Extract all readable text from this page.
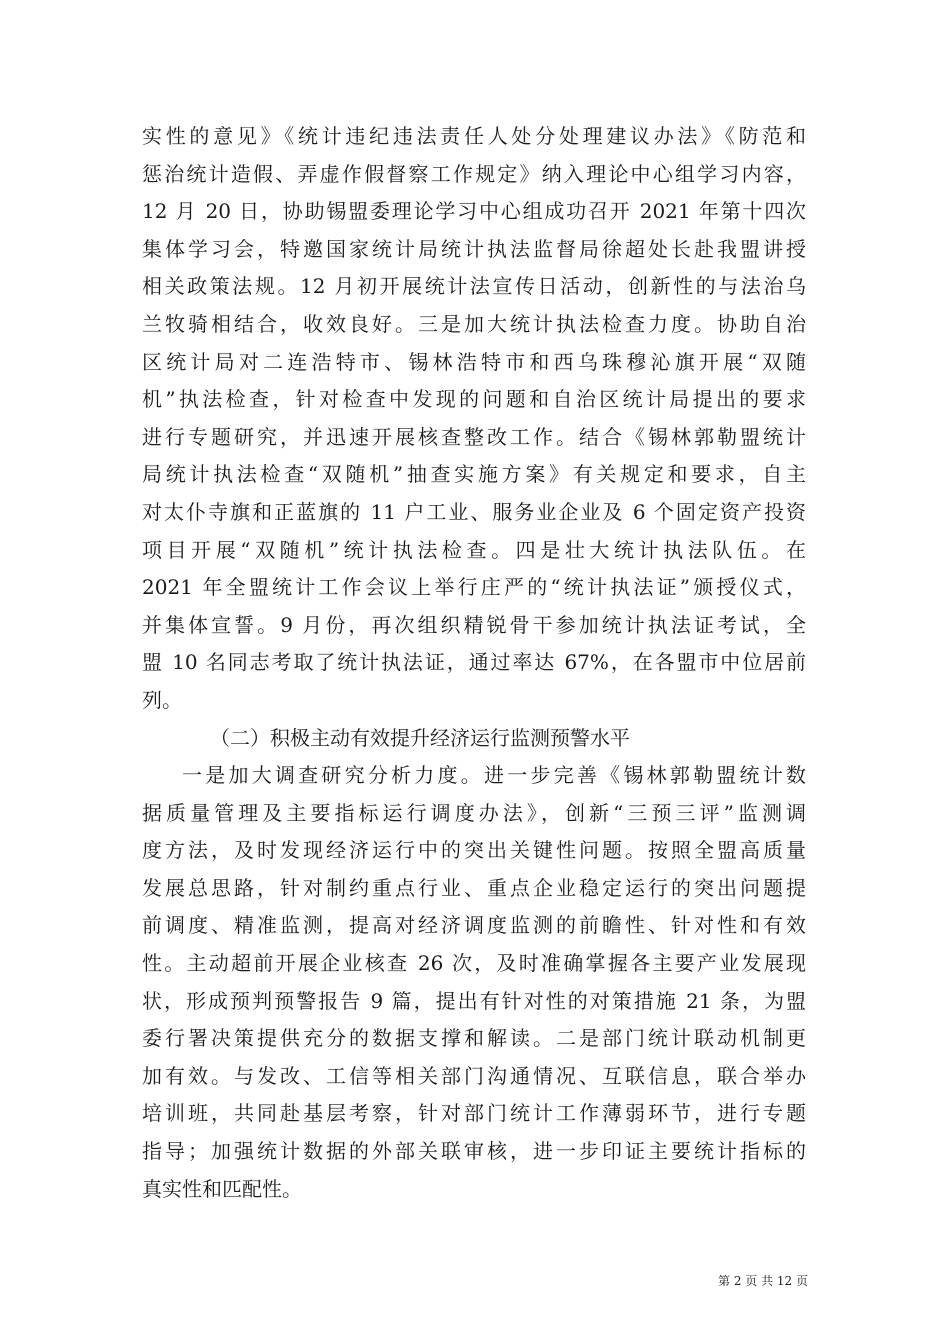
实性的意见》《统计违纪违法责任人处分处理建议办法》《防范和
惩治统计造假、弄虚作假督察工作规定》纳入理论中心组学习内容，
12 月 20 日，协助锡盟委理论学习中心组成功召开 2021 年第十四次
集体学习会，特邀国家统计局统计执法监督局徐超处长赴我盟讲授
相关政策法规。12 月初开展统计法宣传日活动，创新性的与法治乌
兰牧骑相结合，收效良好。三是加大统计执法检查力度。协助自治
区统计局对二连浩特市、锡林浩特市和西乌珠穆沁旗开展“双随
机”执法检查，针对检查中发现的问题和自治区统计局提出的要求
进行专题研究，并迅速开展核查整改工作。结合《锡林郭勒盟统计
局统计执法检查“双随机”抽查实施方案》有关规定和要求，自主
对太仆寺旗和正蓝旗的 11 户工业、服务业企业及 6 个固定资产投资
项目开展“双随机”统计执法检查。四是壮大统计执法队伍。在
2021 年全盟统计工作会议上举行庄严的“统计执法证”颁授仪式，
并集体宣誓。9 月份，再次组织精锐骨干参加统计执法证考试，全
盟 10 名同志考取了统计执法证，通过率达 67%，在各盟市中位居前
列。
（二）积极主动有效提升经济运行监测预警水平
一是加大调查研究分析力度。进一步完善《锡林郭勒盟统计数
据质量管理及主要指标运行调度办法》，创新“三预三评”监测调
度方法，及时发现经济运行中的突出关键性问题。按照全盟高质量
发展总思路，针对制约重点行业、重点企业稳定运行的突出问题提
前调度、精准监测，提高对经济调度监测的前瞻性、针对性和有效
性。主动超前开展企业核查 26 次，及时准确掌握各主要产业发展现
状，形成预判预警报告 9 篇，提出有针对性的对策措施 21 条，为盟
委行署决策提供充分的数据支撑和解读。二是部门统计联动机制更
加有效。与发改、工信等相关部门沟通情况、互联信息，联合举办
培训班，共同赴基层考察，针对部门统计工作薄弱环节，进行专题
指导；加强统计数据的外部关联审核，进一步印证主要统计指标的
真实性和匹配性。
第 2 页 共 12 页
